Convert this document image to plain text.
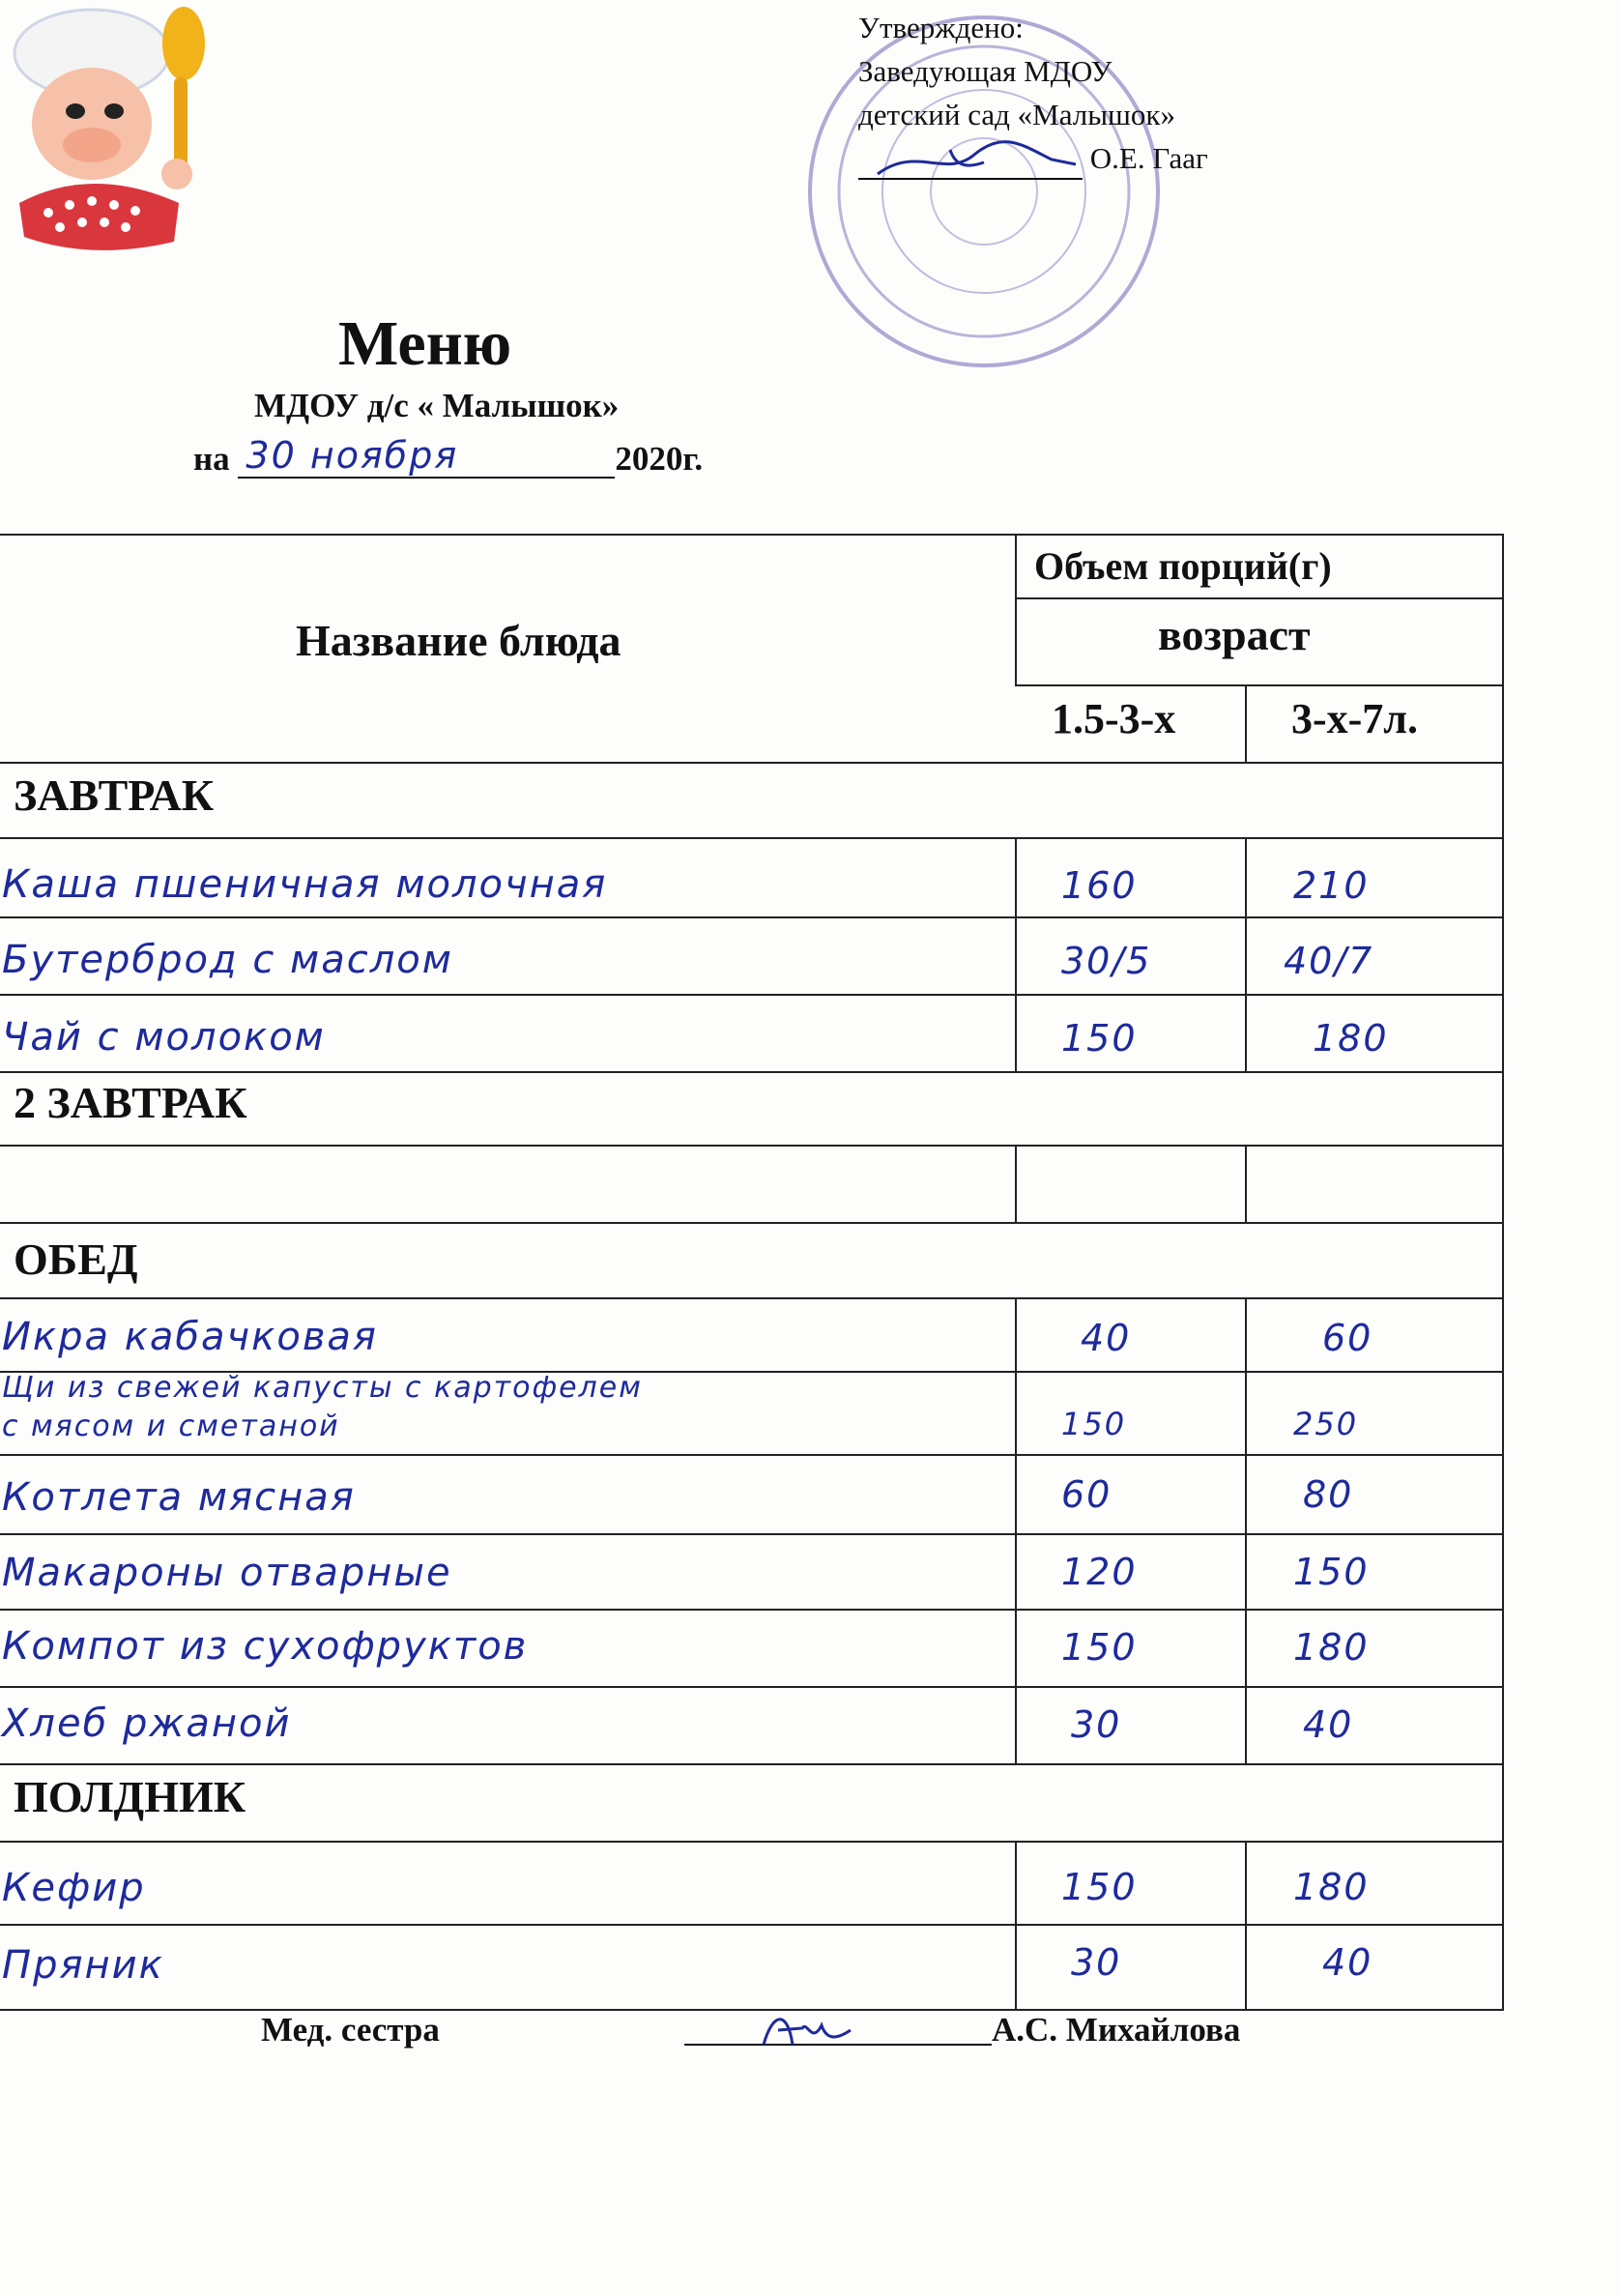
Утверждено:
Заведующая МДОУ
детский сад «Малышок»
О.Е. Гааг
Меню
МДОУ д/с « Малышок»
на 30 ноября	2020г.
Название блюда
Объем порций(г)
возраст
1.5-3-х	3-х-7л.
ЗАВТРАК
Каша пшеничная молочная	160	210
Бутерброд с маслом	30/5	40/7
Чай с молоком	150	180
2 ЗАВТРАК
ОБЕД
Икра кабачковая	40	60
Щи из свежей капусты с картофелем
с мясом и сметаной	150	250
Котлета мясная	60	80
Макароны отварные	120	150
Компот из сухофруктов	150	180
Хлеб ржаной	30	40
ПОЛДНИК
Кефир	150	180
Пряник	30	40
Мед. сестра	А.С. Михайлова
